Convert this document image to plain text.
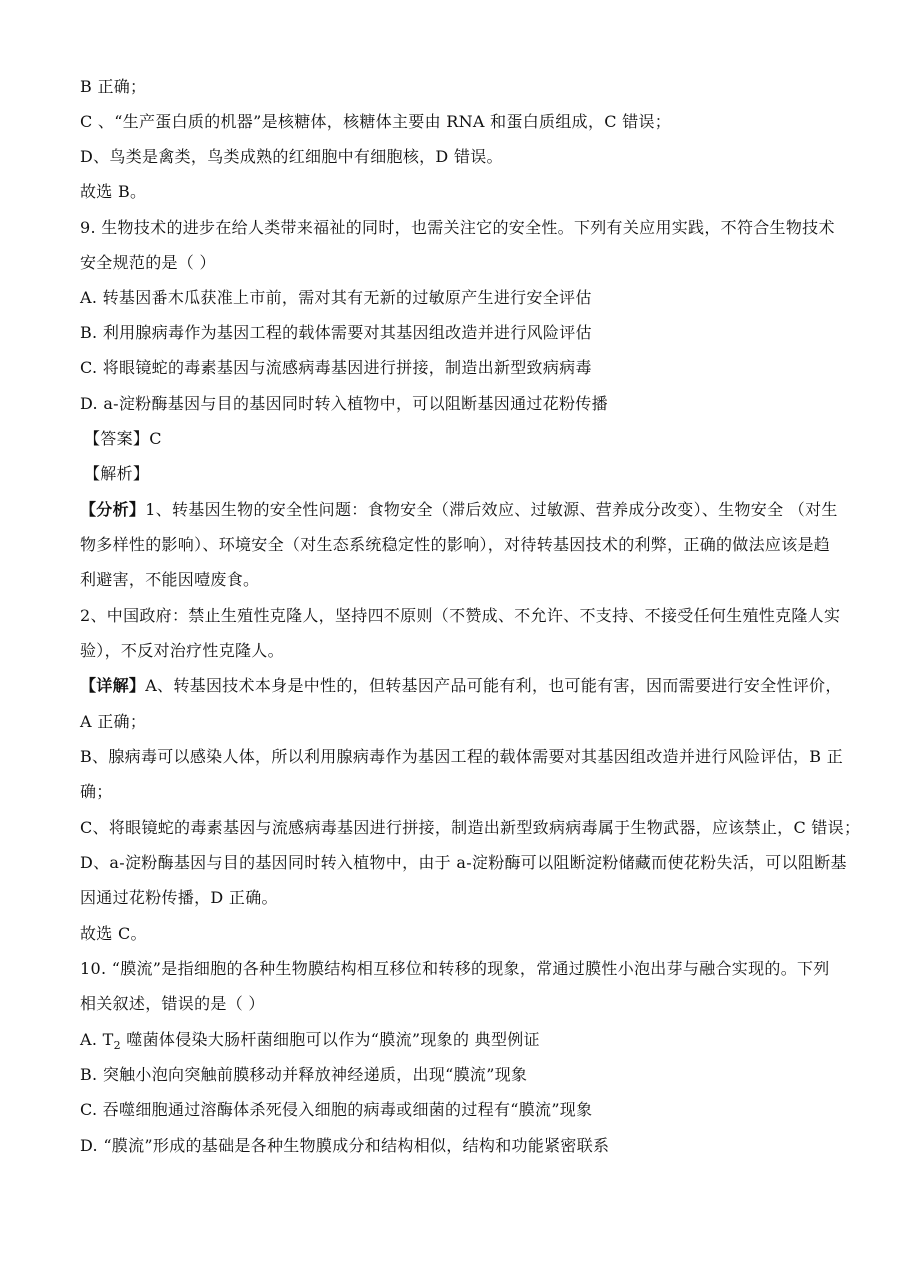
B 正确；
C 、“生产蛋白质的机器”是核糖体，核糖体主要由 RNA 和蛋白质组成，C 错误；
D、鸟类是禽类，鸟类成熟的红细胞中有细胞核，D 错误。
故选 B。
9. 生物技术的进步在给人类带来福祉的同时，也需关注它的安全性。下列有关应用实践，不符合生物技术
安全规范的是（ ）
A. 转基因番木瓜获准上市前，需对其有无新的过敏原产生进行安全评估
B. 利用腺病毒作为基因工程的载体需要对其基因组改造并进行风险评估
C. 将眼镜蛇的毒素基因与流感病毒基因进行拼接，制造出新型致病病毒
D. a-淀粉酶基因与目的基因同时转入植物中，可以阻断基因通过花粉传播
【答案】C
【解析】
【分析】1、转基因生物的安全性问题：食物安全（滞后效应、过敏源、营养成分改变）、生物安全 （对生
物多样性的影响）、环境安全（对生态系统稳定性的影响），对待转基因技术的利弊，正确的做法应该是趋
利避害，不能因噎废食。
2、中国政府：禁止生殖性克隆人，坚持四不原则（不赞成、不允许、不支持、不接受任何生殖性克隆人实
验），不反对治疗性克隆人。
【详解】A、转基因技术本身是中性的，但转基因产品可能有利，也可能有害，因而需要进行安全性评价，
A 正确；
B、腺病毒可以感染人体，所以利用腺病毒作为基因工程的载体需要对其基因组改造并进行风险评估，B 正
确；
C、将眼镜蛇的毒素基因与流感病毒基因进行拼接，制造出新型致病病毒属于生物武器，应该禁止，C 错误；
D、a-淀粉酶基因与目的基因同时转入植物中，由于 a-淀粉酶可以阻断淀粉储藏而使花粉失活，可以阻断基
因通过花粉传播，D 正确。
故选 C。
10. “膜流”是指细胞的各种生物膜结构相互移位和转移的现象，常通过膜性小泡出芽与融合实现的。下列
相关叙述，错误的是（ ）
A. $T_2$ 噬菌体侵染大肠杆菌细胞可以作为“膜流”现象的 典型例证
B. 突触小泡向突触前膜移动并释放神经递质，出现“膜流”现象
C. 吞噬细胞通过溶酶体杀死侵入细胞的病毒或细菌的过程有“膜流”现象
D. “膜流”形成的基础是各种生物膜成分和结构相似，结构和功能紧密联系
